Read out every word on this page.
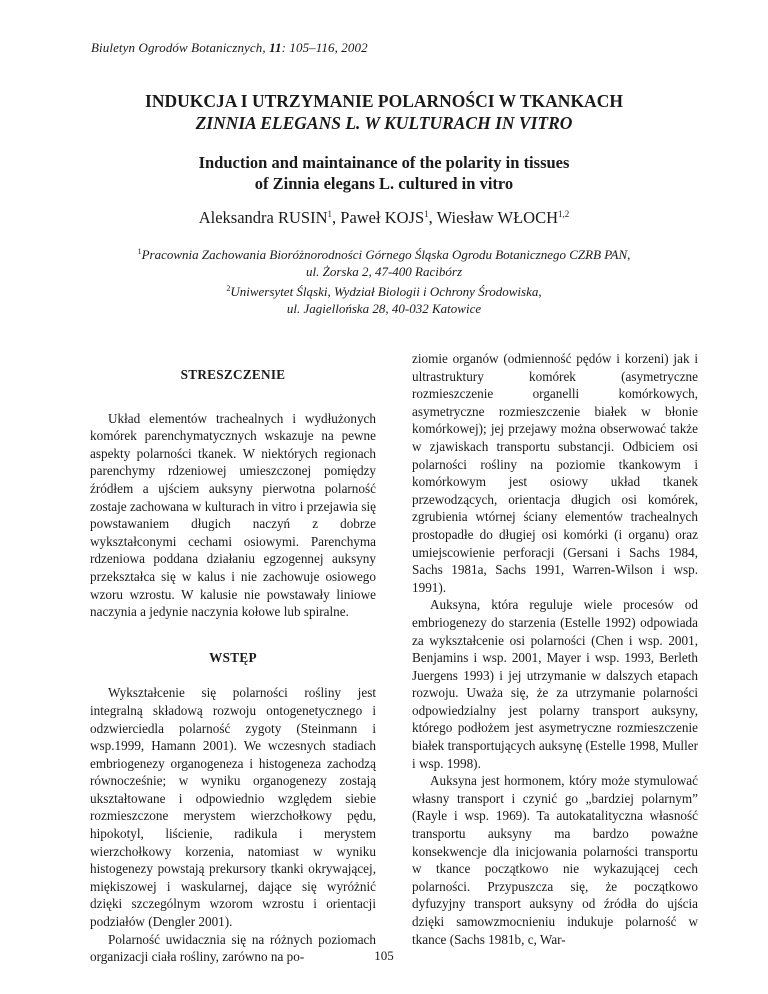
Biuletyn Ogrodów Botanicznych, 11: 105–116, 2002
INDUKCJA I UTRZYMANIE POLARNOŚCI W TKANKACH
ZINNIA ELEGANS L. W KULTURACH IN VITRO
Induction and maintainance of the polarity in tissues
of Zinnia elegans L. cultured in vitro
Aleksandra RUSIN$^1$, Paweł KOJS$^1$, Wiesław WŁOCH$^{1,2}$
$^1$Pracownia Zachowania Bioróżnorodności Górnego Śląska Ogrodu Botanicznego CZRB PAN,
ul. Żorska 2, 47-400 Racibórz
$^2$Uniwersytet Śląski, Wydział Biologii i Ochrony Środowiska,
ul. Jagiellońska 28, 40-032 Katowice
STRESZCZENIE

Układ elementów trachealnych i wydłużonych komórek parenchymatycznych wskazuje na pewne aspekty polarności tkanek. W niektórych regionach parenchymy rdzeniowej umieszczonej pomiędzy źródłem a ujściem auksyny pierwotna polarność zostaje zachowana w kulturach in vitro i przejawia się powstawaniem długich naczyń z dobrze wykształconymi cechami osiowymi. Parenchyma rdzeniowa poddana działaniu egzogennej auksyny przekształca się w kalus i nie zachowuje osiowego wzoru wzrostu. W kalusie nie powstawały liniowe naczynia a jedynie naczynia kołowe lub spiralne.

WSTĘP

Wykształcenie się polarności rośliny jest integralną składową rozwoju ontogenetycznego i odzwierciedla polarność zygoty (Steinmann i wsp.1999, Hamann 2001). We wczesnych stadiach embriogenezy organogeneza i histogeneza zachodzą równocześnie; w wyniku organogenezy zostają ukształtowane i odpowiednio względem siebie rozmieszczone merystem wierzchołkowy pędu, hipokotyl, liścienie, radikula i merystem wierzchołkowy korzenia, natomiast w wyniku histogenezy powstają prekursory tkanki okrywającej, miękiszowej i waskularnej, dające się wyróżnić dzięki szczególnym wzorom wzrostu i orientacji podziałów (Dengler 2001).

Polarność uwidacznia się na różnych poziomach organizacji ciała rośliny, zarówno na po-

ziomie organów (odmienność pędów i korzeni) jak i ultrastruktury komórek (asymetryczne rozmieszczenie organelli komórkowych, asymetryczne rozmieszczenie białek w błonie komórkowej); jej przejawy można obserwować także w zjawiskach transportu substancji. Odbiciem osi polarności rośliny na poziomie tkankowym i komórkowym jest osiowy układ tkanek przewodzących, orientacja długich osi komórek, zgrubienia wtórnej ściany elementów trachealnych prostopadłe do długiej osi komórki (i organu) oraz umiejscowienie perforacji (Gersani i Sachs 1984, Sachs 1981a, Sachs 1991, Warren-Wilson i wsp. 1991).

Auksyna, która reguluje wiele procesów od embriogenezy do starzenia (Estelle 1992) odpowiada za wykształcenie osi polarności (Chen i wsp. 2001, Benjamins i wsp. 2001, Mayer i wsp. 1993, Berleth Juergens 1993) i jej utrzymanie w dalszych etapach rozwoju. Uważa się, że za utrzymanie polarności odpowiedzialny jest polarny transport auksyny, którego podłożem jest asymetryczne rozmieszczenie białek transportujących auksynę (Estelle 1998, Muller i wsp. 1998).

Auksyna jest hormonem, który może stymulować własny transport i czynić go „bardziej polarnym” (Rayle i wsp. 1969). Ta autokatalityczna własność transportu auksyny ma bardzo poważne konsekwencje dla inicjowania polarności transportu w tkance początkowo nie wykazującej cech polarności. Przypuszcza się, że początkowo dyfuzyjny transport auksyny od źródła do ujścia dzięki samowzmocnieniu indukuje polarność w tkance (Sachs 1981b, c, War-

105
